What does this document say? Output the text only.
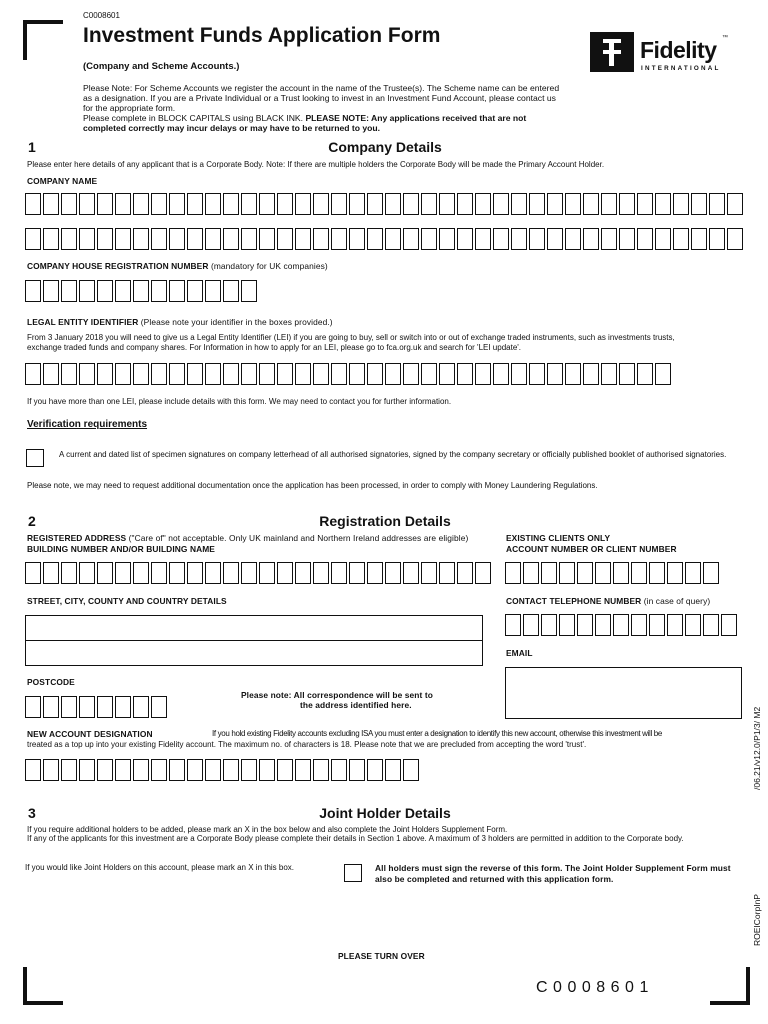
C0008601
Investment Funds Application Form
(Company and Scheme Accounts.)
Fidelity ™
INTERNATIONAL
Please Note: For Scheme Accounts we register the account in the name of the Trustee(s). The Scheme name can be entered as a designation. If you are a Private Individual or a Trust looking to invest in an Investment Fund Account, please contact us for the appropriate form.
Please complete in BLOCK CAPITALS using BLACK INK. PLEASE NOTE: Any applications received that are not completed correctly may incur delays or may have to be returned to you.
1	Company Details
Please enter here details of any applicant that is a Corporate Body. Note: If there are multiple holders the Corporate Body will be made the Primary Account Holder.
COMPANY NAME
COMPANY HOUSE REGISTRATION NUMBER (mandatory for UK companies)
LEGAL ENTITY IDENTIFIER (Please note your identifier in the boxes provided.)
From 3 January 2018 you will need to give us a Legal Entity Identifier (LEI) if you are going to buy, sell or switch into or out of exchange traded instruments, such as investments trusts, exchange traded funds and company shares. For Information in how to apply for an LEI, please go to fca.org.uk and search for 'LEI update'.
If you have more than one LEI, please include details with this form. We may need to contact you for further information.
Verification requirements
A current and dated list of specimen signatures on company letterhead of all authorised signatories, signed by the company secretary or officially published booklet of authorised signatories.
Please note, we may need to request additional documentation once the application has been processed, in order to comply with Money Laundering Regulations.
2	Registration Details
REGISTERED ADDRESS ("Care of" not acceptable. Only UK mainland and Northern Ireland addresses are eligible)
BUILDING NUMBER AND/OR BUILDING NAME
EXISTING CLIENTS ONLY
ACCOUNT NUMBER OR CLIENT NUMBER
STREET, CITY, COUNTY AND COUNTRY DETAILS	CONTACT TELEPHONE NUMBER (in case of query)
EMAIL
POSTCODE
Please note: All correspondence will be sent to
the address identified here.
NEW ACCOUNT DESIGNATION	If you hold existing Fidelity accounts excluding ISA you must enter a designation to identify this new account, otherwise this investment will be
treated as a top up into your existing Fidelity account. The maximum no. of characters is 18. Please note that we are precluded from accepting the word 'trust'.
3	Joint Holder Details
If you require additional holders to be added, please mark an X in the box below and also complete the Joint Holders Supplement Form.
If any of the applicants for this investment are a Corporate Body please complete their details in Section 1 above. A maximum of 3 holders are permitted in addition to the Corporate body.
If you would like Joint Holders on this account, please mark an X in this box.	All holders must sign the reverse of this form. The Joint Holder Supplement Form must also be completed and returned with this application form.
/06.21/v12.0/P1/3/ M2
ROEICorpInP
PLEASE TURN OVER
C0008601
